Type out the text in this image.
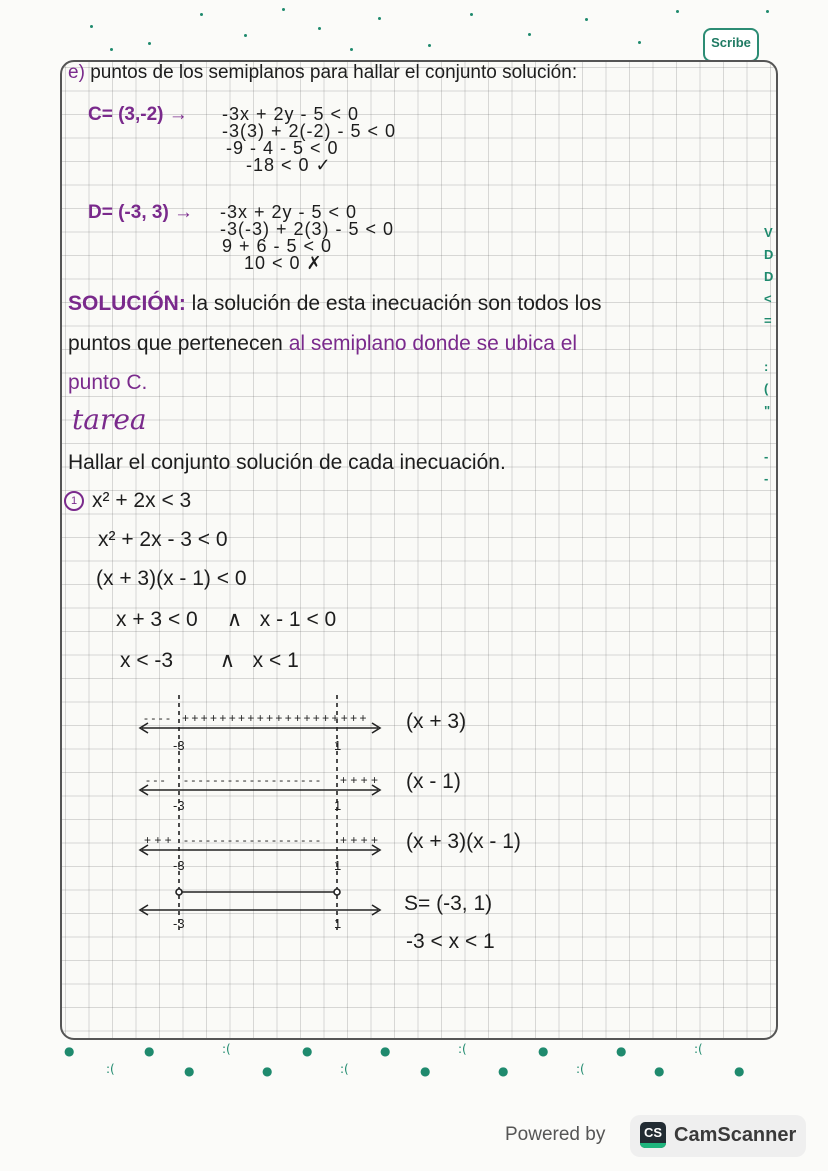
Scribe
e) puntos de los semiplanos para hallar el conjunto solución:
C= (3,-2) → -3x + 2y - 5 < 0
-3(3) + 2(-2) - 5 < 0
-9 - 4 - 5 < 0
-18 < 0 ✓
D= (-3, 3) → -3x + 2y - 5 < 0
-3(-3) + 2(3) - 5 < 0
9 + 6 - 5 < 0
10 < 0 ✗
SOLUCIÓN: la solución de esta inecuación son todos los
puntos que pertenecen al semiplano donde se ubica el
punto C.
tarea
Hallar el conjunto solución de cada inecuación.
1 x² + 2x < 3
x² + 2x - 3 < 0
(x + 3)(x - 1) < 0
x + 3 < 0     ∧   x - 1 < 0
x < -3        ∧   x < 1
- - - - + + + + + + + + + + + + + + + + + + + +
- - - - - - - - - - - - - - - - - - - - - - + + + +
+ + + - - - - - - - - - - - - - - - - - - - + + + +
-3	1
-3	1
-3	1
-3	1
(x + 3)
(x - 1)
(x + 3)(x - 1)
S= (-3, 1)
-3 < x < 1
V
D
D
<
=
:
(
"
-
-
●	●	:(	●	●	:(	●	●	:(
:(	●	●	:(	●	●	:(	●	●
Powered by	CS CamScanner
